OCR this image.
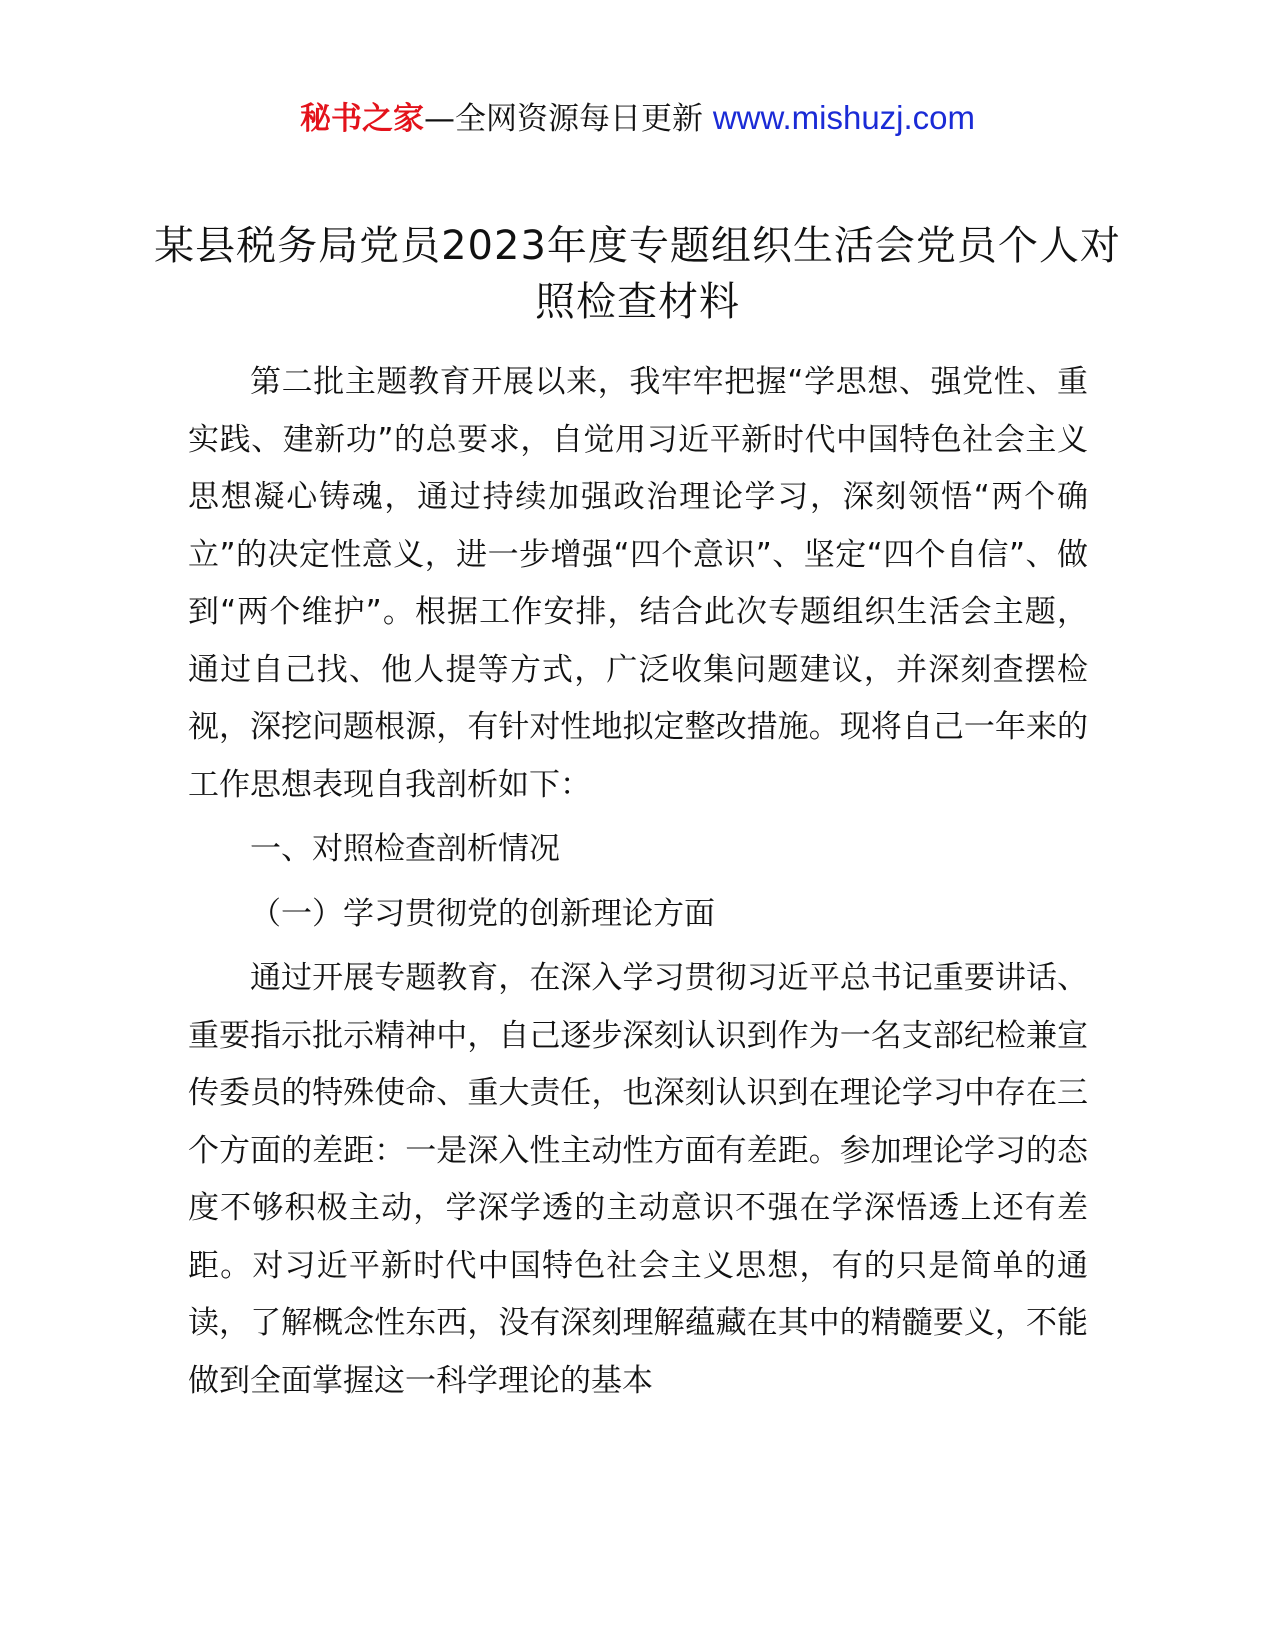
秘书之家—全网资源每日更新 www.mishuzj.com
某县税务局党员2023年度专题组织生活会党员个人对照检查材料

第二批主题教育开展以来，我牢牢把握“学思想、强党性、重实践、建新功”的总要求，自觉用习近平新时代中国特色社会主义思想凝心铸魂，通过持续加强政治理论学习，深刻领悟“两个确立”的决定性意义，进一步增强“四个意识”、坚定“四个自信”、做到“两个维护”。根据工作安排，结合此次专题组织生活会主题，通过自己找、他人提等方式，广泛收集问题建议，并深刻查摆检视，深挖问题根源，有针对性地拟定整改措施。现将自己一年来的工作思想表现自我剖析如下：

一、对照检查剖析情况

（一）学习贯彻党的创新理论方面

通过开展专题教育，在深入学习贯彻习近平总书记重要讲话、重要指示批示精神中，自己逐步深刻认识到作为一名支部纪检兼宣传委员的特殊使命、重大责任，也深刻认识到在理论学习中存在三个方面的差距：一是深入性主动性方面有差距。参加理论学习的态度不够积极主动，学深学透的主动意识不强在学深悟透上还有差距。对习近平新时代中国特色社会主义思想，有的只是简单的通读，了解概念性东西，没有深刻理解蕴藏在其中的精髓要义，不能做到全面掌握这一科学理论的基本
